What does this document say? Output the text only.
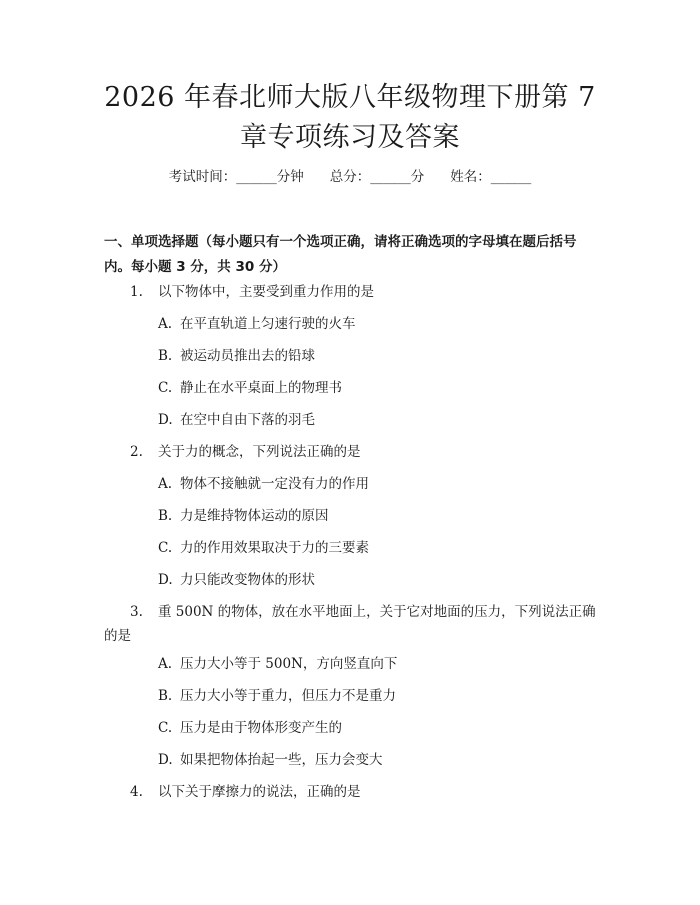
2026 年春北师大版八年级物理下册第 7 章专项练习及答案
考试时间：______分钟 总分：______分 姓名：______
一、单项选择题（每小题只有一个选项正确，请将正确选项的字母填在题后括号内。每小题 3 分，共 30 分）
1. 以下物体中，主要受到重力作用的是
A. 在平直轨道上匀速行驶的火车
B. 被运动员推出去的铅球
C. 静止在水平桌面上的物理书
D. 在空中自由下落的羽毛
2. 关于力的概念，下列说法正确的是
A. 物体不接触就一定没有力的作用
B. 力是维持物体运动的原因
C. 力的作用效果取决于力的三要素
D. 力只能改变物体的形状
3. 重 500N 的物体，放在水平地面上，关于它对地面的压力，下列说法正确的是
A. 压力大小等于 500N，方向竖直向下
B. 压力大小等于重力，但压力不是重力
C. 压力是由于物体形变产生的
D. 如果把物体抬起一些，压力会变大
4. 以下关于摩擦力的说法，正确的是
